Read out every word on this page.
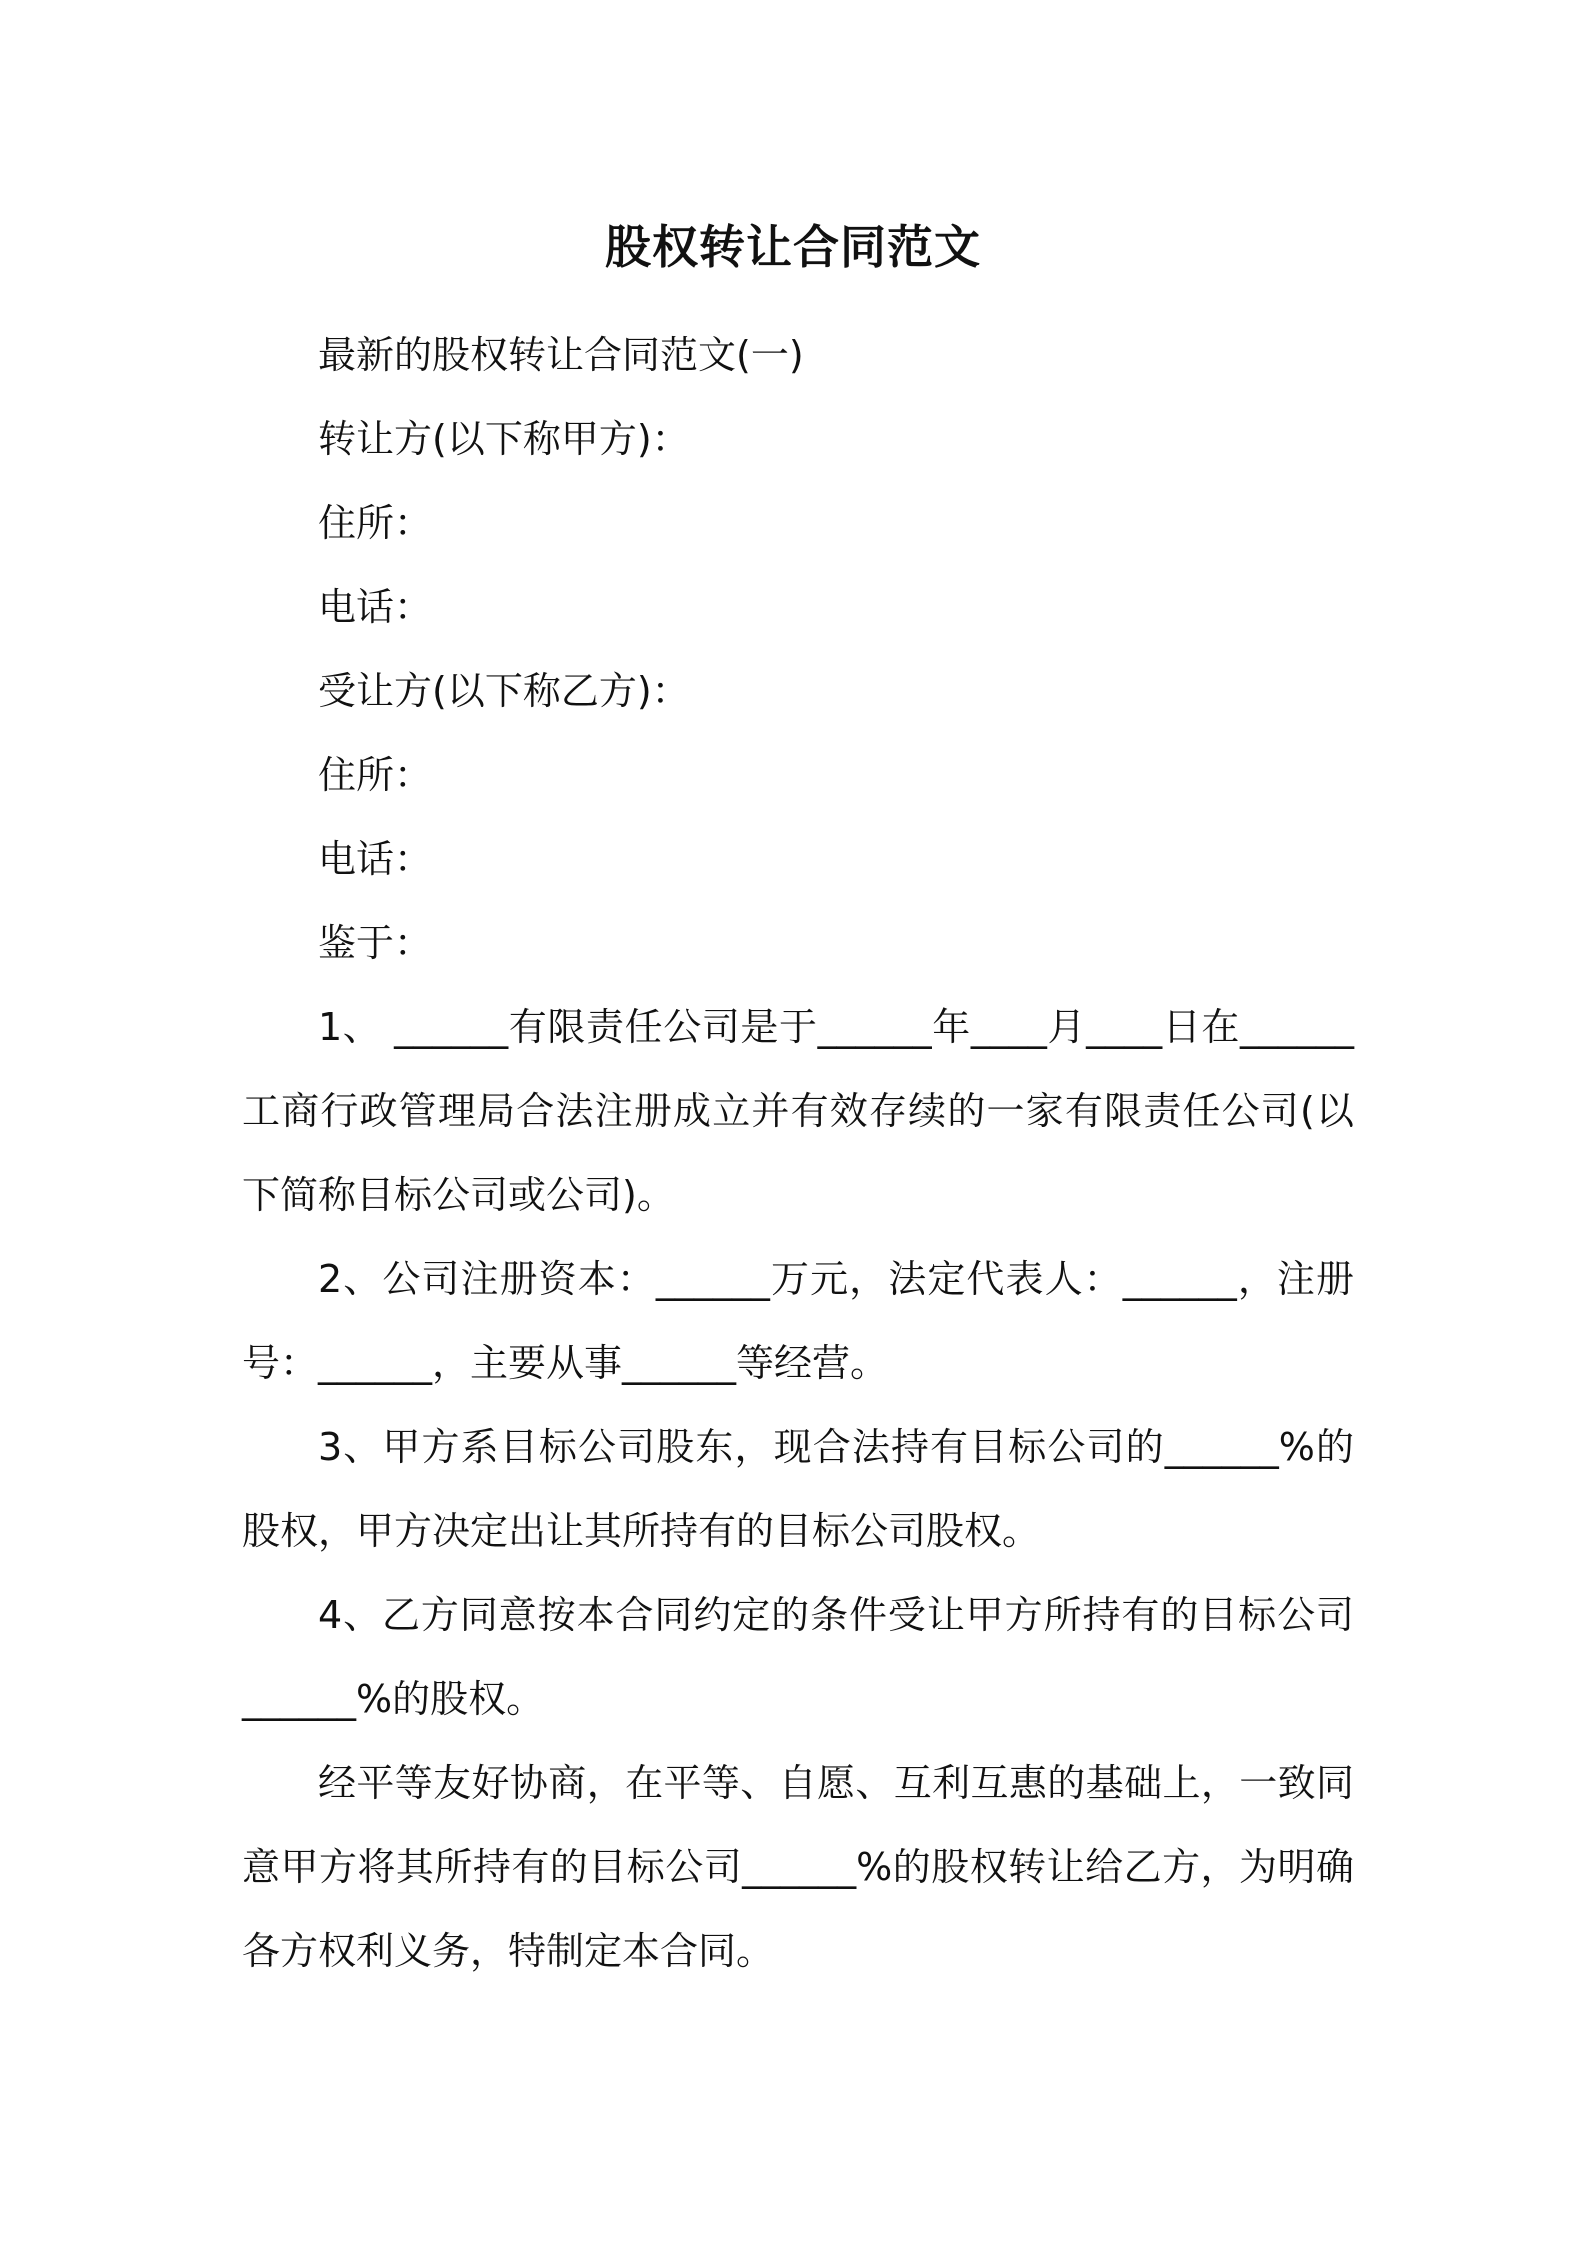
股权转让合同范文
最新的股权转让合同范文(一)
转让方(以下称甲方)：
住所：
电话：
受让方(以下称乙方)：
住所：
电话：
鉴于：
1、 ______有限责任公司是于______年____月____日在______工商行政管理局合法注册成立并有效存续的一家有限责任公司(以下简称目标公司或公司)。
2、公司注册资本：______万元，法定代表人：______，注册号：______，主要从事______等经营。
3、甲方系目标公司股东，现合法持有目标公司的______%的股权，甲方决定出让其所持有的目标公司股权。
4、乙方同意按本合同约定的条件受让甲方所持有的目标公司______%的股权。
经平等友好协商，在平等、自愿、互利互惠的基础上，一致同意甲方将其所持有的目标公司______%的股权转让给乙方，为明确各方权利义务，特制定本合同。
